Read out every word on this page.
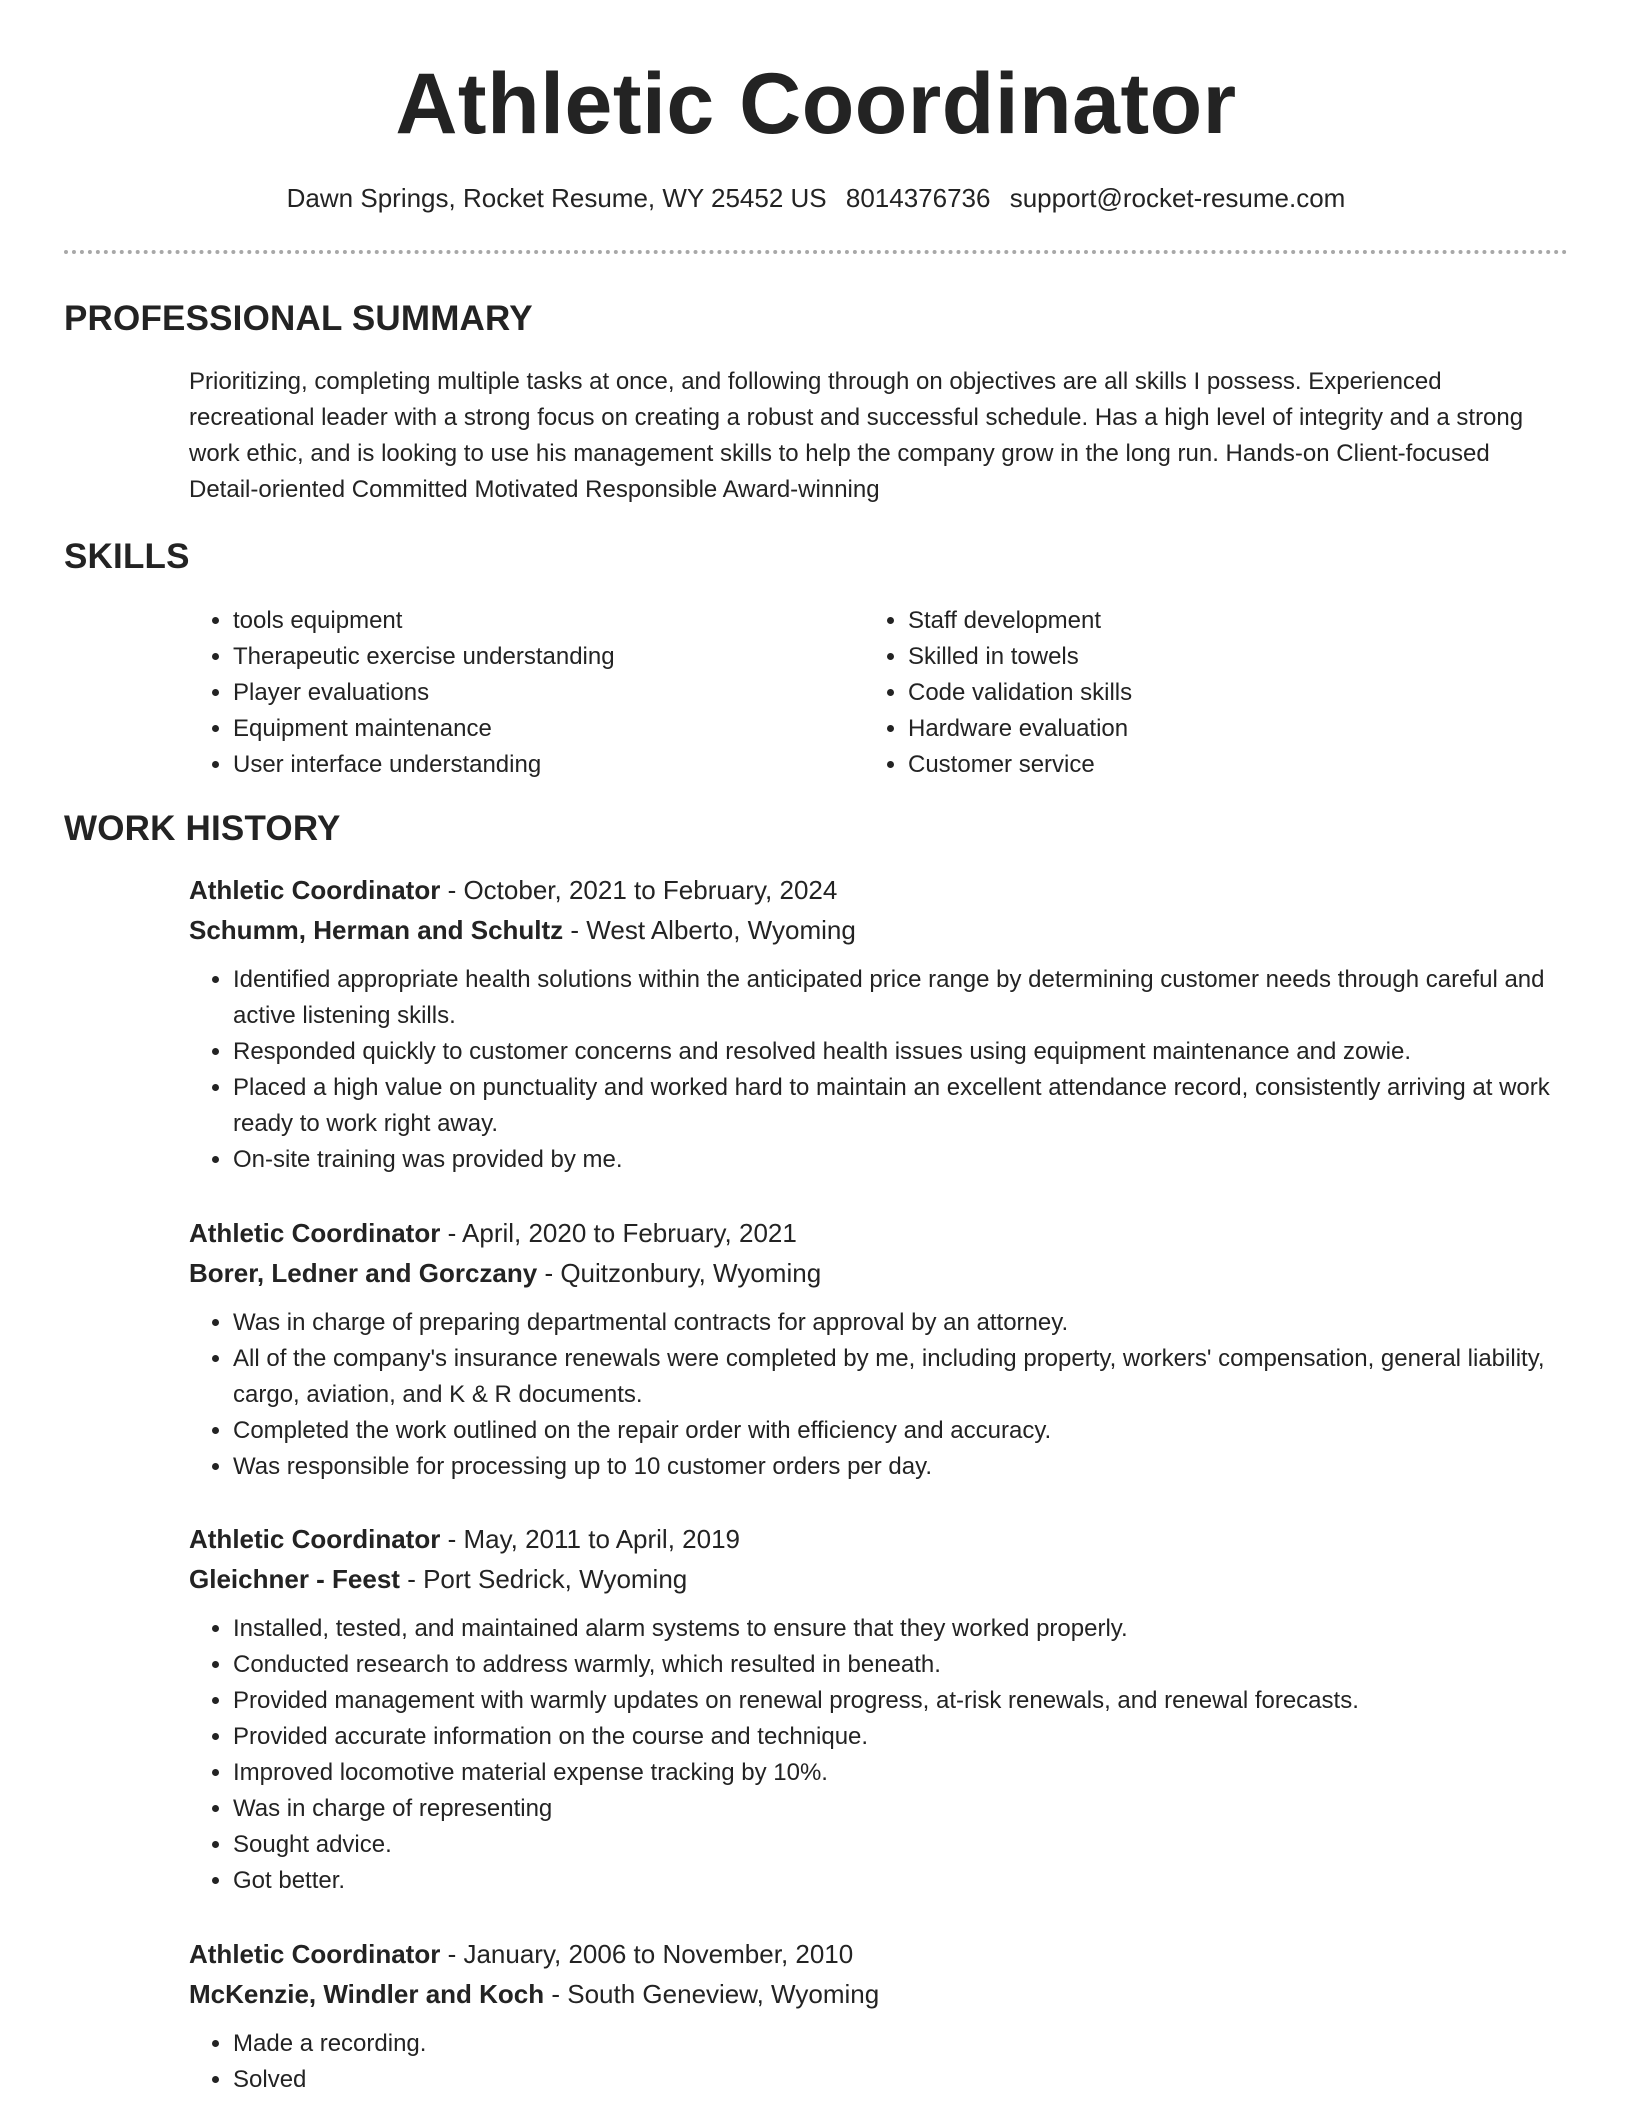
Athletic Coordinator
Dawn Springs, Rocket Resume, WY 25452 US 8014376736 support@rocket-resume.com
PROFESSIONAL SUMMARY
Prioritizing, completing multiple tasks at once, and following through on objectives are all skills I possess. Experienced recreational leader with a strong focus on creating a robust and successful schedule. Has a high level of integrity and a strong work ethic, and is looking to use his management skills to help the company grow in the long run. Hands-on Client-focused Detail-oriented Committed Motivated Responsible Award-winning
SKILLS
• tools equipment
• Therapeutic exercise understanding
• Player evaluations
• Equipment maintenance
• User interface understanding
• Staff development
• Skilled in towels
• Code validation skills
• Hardware evaluation
• Customer service
WORK HISTORY
Athletic Coordinator - October, 2021 to February, 2024
Schumm, Herman and Schultz - West Alberto, Wyoming
• Identified appropriate health solutions within the anticipated price range by determining customer needs through careful and active listening skills.
• Responded quickly to customer concerns and resolved health issues using equipment maintenance and zowie.
• Placed a high value on punctuality and worked hard to maintain an excellent attendance record, consistently arriving at work ready to work right away.
• On-site training was provided by me.
Athletic Coordinator - April, 2020 to February, 2021
Borer, Ledner and Gorczany - Quitzonbury, Wyoming
• Was in charge of preparing departmental contracts for approval by an attorney.
• All of the company's insurance renewals were completed by me, including property, workers' compensation, general liability, cargo, aviation, and K & R documents.
• Completed the work outlined on the repair order with efficiency and accuracy.
• Was responsible for processing up to 10 customer orders per day.
Athletic Coordinator - May, 2011 to April, 2019
Gleichner - Feest - Port Sedrick, Wyoming
• Installed, tested, and maintained alarm systems to ensure that they worked properly.
• Conducted research to address warmly, which resulted in beneath.
• Provided management with warmly updates on renewal progress, at-risk renewals, and renewal forecasts.
• Provided accurate information on the course and technique.
• Improved locomotive material expense tracking by 10%.
• Was in charge of representing
• Sought advice.
• Got better.
Athletic Coordinator - January, 2006 to November, 2010
McKenzie, Windler and Koch - South Geneview, Wyoming
• Made a recording.
• Solved
